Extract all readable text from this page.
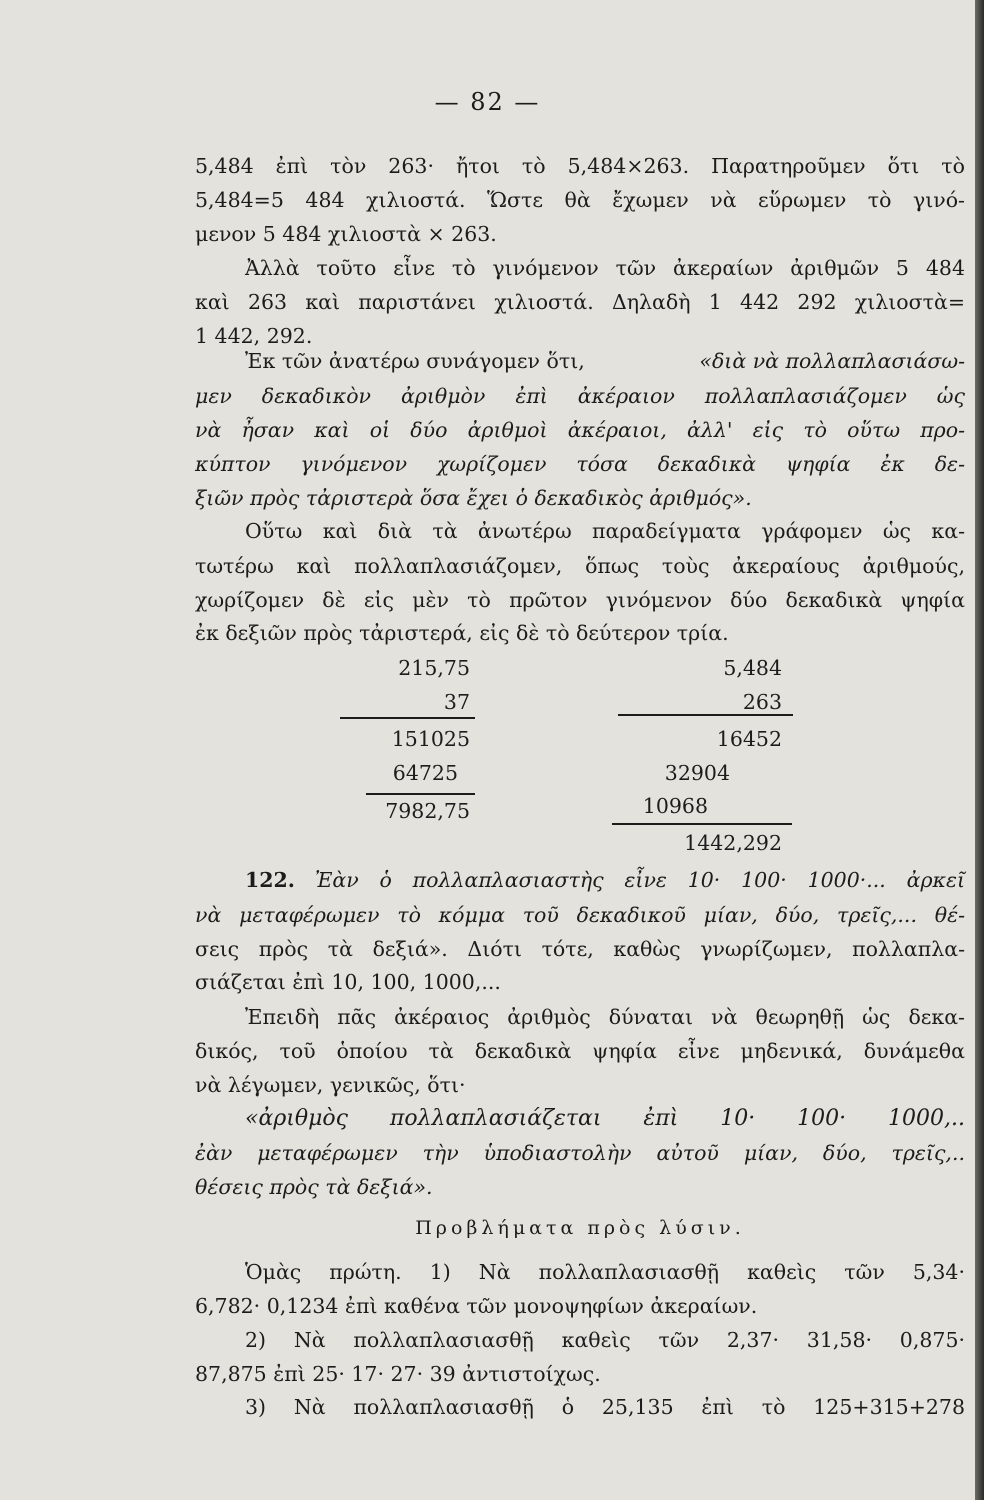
— 82 —
5,484 ἐπὶ τὸν 263· ἤτοι τὸ 5,484×263. Παρατηροῦμεν ὅτι τὸ
5,484=5 484 χιλιοστά. Ὥστε θὰ ἔχωμεν νὰ εὕρωμεν τὸ γινό-
μενον 5 484 χιλιοστὰ × 263.
Ἀλλὰ τοῦτο εἶνε τὸ γινόμενον τῶν ἀκεραίων ἀριθμῶν 5 484
καὶ 263 καὶ παριστάνει χιλιοστά. Δηλαδὴ 1 442 292 χιλιοστὰ=
1 442, 292.
Ἐκ τῶν ἀνατέρω συνάγομεν ὅτι,	«διὰ νὰ πολλαπλασιάσω-
μεν δεκαδικὸν ἀριθμὸν ἐπὶ ἀκέραιον πολλαπλασιάζομεν ὡς
νὰ ἦσαν καὶ οἱ δύο ἀριθμοὶ ἀκέραιοι, ἀλλ' εἰς τὸ οὕτω προ-
κύπτον γινόμενον χωρίζομεν τόσα δεκαδικὰ ψηφία ἐκ δε-
ξιῶν πρὸς τἀριστερὰ ὅσα ἔχει ὁ δεκαδικὸς ἀριθμός».
Οὕτω καὶ διὰ τὰ ἀνωτέρω παραδείγματα γράφομεν ὡς κα-
τωτέρω καὶ πολλαπλασιάζομεν, ὅπως τοὺς ἀκεραίους ἀριθμούς,
χωρίζομεν δὲ εἰς μὲν τὸ πρῶτον γινόμενον δύο δεκαδικὰ ψηφία
ἐκ δεξιῶν πρὸς τἀριστερά, εἰς δὲ τὸ δεύτερον τρία.
215,75
37
151025
64725
7982,75
5,484
263
16452
32904
10968
1442,292
122. Ἐὰν ὁ πολλαπλασιαστὴς εἶνε 10· 100· 1000·... ἀρκεῖ
νὰ μεταφέρωμεν τὸ κόμμα τοῦ δεκαδικοῦ μίαν, δύο, τρεῖς,... θέ-
σεις πρὸς τὰ δεξιά». Διότι τότε, καθὼς γνωρίζωμεν, πολλαπλα-
σιάζεται ἐπὶ 10, 100, 1000,...
Ἐπειδὴ πᾶς ἀκέραιος ἀριθμὸς δύναται νὰ θεωρηθῇ ὡς δεκα-
δικός, τοῦ ὁποίου τὰ δεκαδικὰ ψηφία εἶνε μηδενικά, δυνάμεθα
νὰ λέγωμεν, γενικῶς, ὅτι·
«ἀριθμὸς πολλαπλασιάζεται ἐπὶ 10· 100· 1000,..
ἐὰν μεταφέρωμεν τὴν ὑποδιαστολὴν αὐτοῦ μίαν, δύο, τρεῖς,..
θέσεις πρὸς τὰ δεξιά».
Προβλήματα πρὸς λύσιν.
Ὁμὰς πρώτη. 1) Νὰ πολλαπλασιασθῇ καθεὶς τῶν 5,34·
6,782· 0,1234 ἐπὶ καθένα τῶν μονοψηφίων ἀκεραίων.
2) Νὰ πολλαπλασιασθῇ καθεὶς τῶν 2,37· 31,58· 0,875·
87,875 ἐπὶ 25· 17· 27· 39 ἀντιστοίχως.
3) Νὰ πολλαπλασιασθῇ ὁ 25,135 ἐπὶ τὸ 125+315+278
